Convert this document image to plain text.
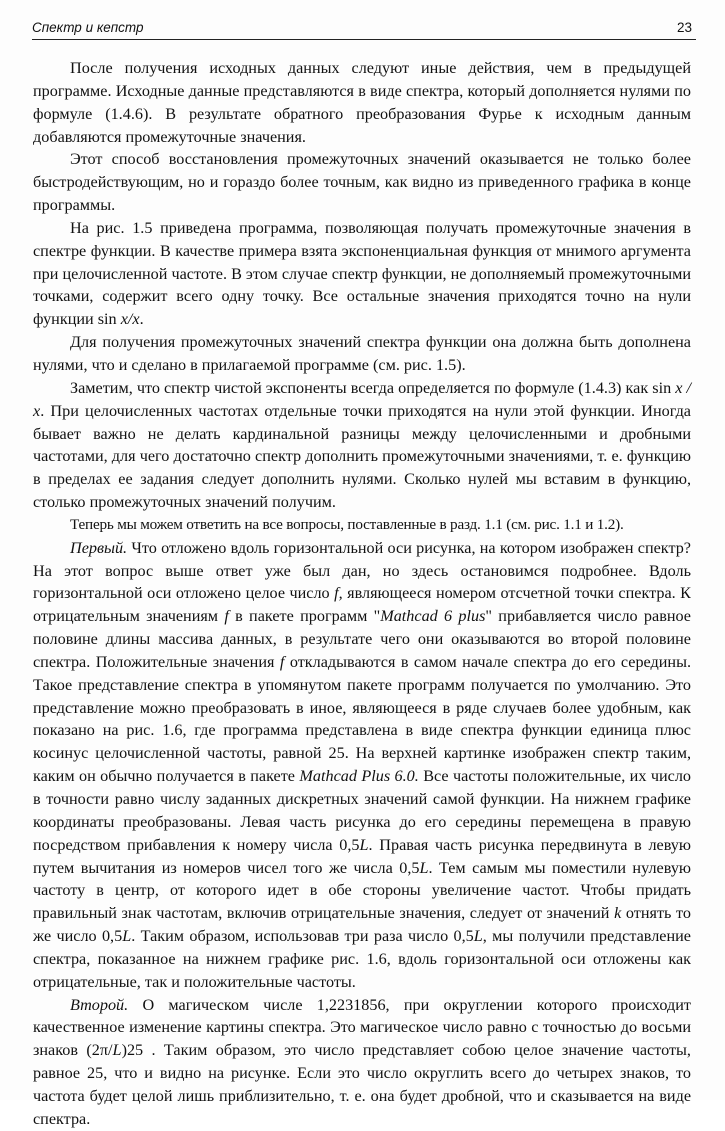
Спектр и кепстр	23

После получения исходных данных следуют иные действия, чем в предыдущей программе. Исходные данные представляются в виде спектра, который дополняется нулями по формуле (1.4.6). В результате обратного преобразования Фурье к исходным данным добавляются промежуточные значения.

Этот способ восстановления промежуточных значений оказывается не только более быстродействующим, но и гораздо более точным, как видно из приведенного графика в конце программы.

На рис. 1.5 приведена программа, позволяющая получать промежуточные значения в спектре функции. В качестве примера взята экспоненциальная функция от мнимого аргумента при целочисленной частоте. В этом случае спектр функции, не дополняемый промежуточными точками, содержит всего одну точку. Все остальные значения приходятся точно на нули функции sin x/x.

Для получения промежуточных значений спектра функции она должна быть дополнена нулями, что и сделано в прилагаемой программе (см. рис. 1.5).

Заметим, что спектр чистой экспоненты всегда определяется по формуле (1.4.3) как sin x / x. При целочисленных частотах отдельные точки приходятся на нули этой функции. Иногда бывает важно не делать кардинальной разницы между целочисленными и дробными частотами, для чего достаточно спектр дополнить промежуточными значениями, т. е. функцию в пределах ее задания следует дополнить нулями. Сколько нулей мы вставим в функцию, столько промежуточных значений получим.

Теперь мы можем ответить на все вопросы, поставленные в разд. 1.1 (см. рис. 1.1 и 1.2).

Первый. Что отложено вдоль горизонтальной оси рисунка, на котором изображен спектр? На этот вопрос выше ответ уже был дан, но здесь остановимся подробнее. Вдоль горизонтальной оси отложено целое число f, являющееся номером отсчетной точки спектра. К отрицательным значениям f в пакете программ "Mathcad 6 plus" прибавляется число равное половине длины массива данных, в результате чего они оказываются во второй половине спектра. Положительные значения f откладываются в самом начале спектра до его середины. Такое представление спектра в упомянутом пакете программ получается по умолчанию. Это представление можно преобразовать в иное, являющееся в ряде случаев более удобным, как показано на рис. 1.6, где программа представлена в виде спектра функции единица плюс косинус целочисленной частоты, равной 25. На верхней картинке изображен спектр таким, каким он обычно получается в пакете Mathcad Plus 6.0. Все частоты положительные, их число в точности равно числу заданных дискретных значений самой функции. На нижнем графике координаты преобразованы. Левая часть рисунка до его середины перемещена в правую посредством прибавления к номеру числа 0,5L. Правая часть рисунка передвинута в левую путем вычитания из номеров чисел того же числа 0,5L. Тем самым мы поместили нулевую частоту в центр, от которого идет в обе стороны увеличение частот. Чтобы придать правильный знак частотам, включив отрицательные значения, следует от значений k отнять то же число 0,5L. Таким образом, использовав три раза число 0,5L, мы получили представление спектра, показанное на нижнем графике рис. 1.6, вдоль горизонтальной оси отложены как отрицательные, так и положительные частоты.

Второй. О магическом числе 1,2231856, при округлении которого происходит качественное изменение картины спектра. Это магическое число равно с точностью до восьми знаков (2π/L)25 . Таким образом, это число представляет собою целое значение частоты, равное 25, что и видно на рисунке. Если это число округлить всего до четырех знаков, то частота будет целой лишь приблизительно, т. е. она будет дробной, что и сказывается на виде спектра.
